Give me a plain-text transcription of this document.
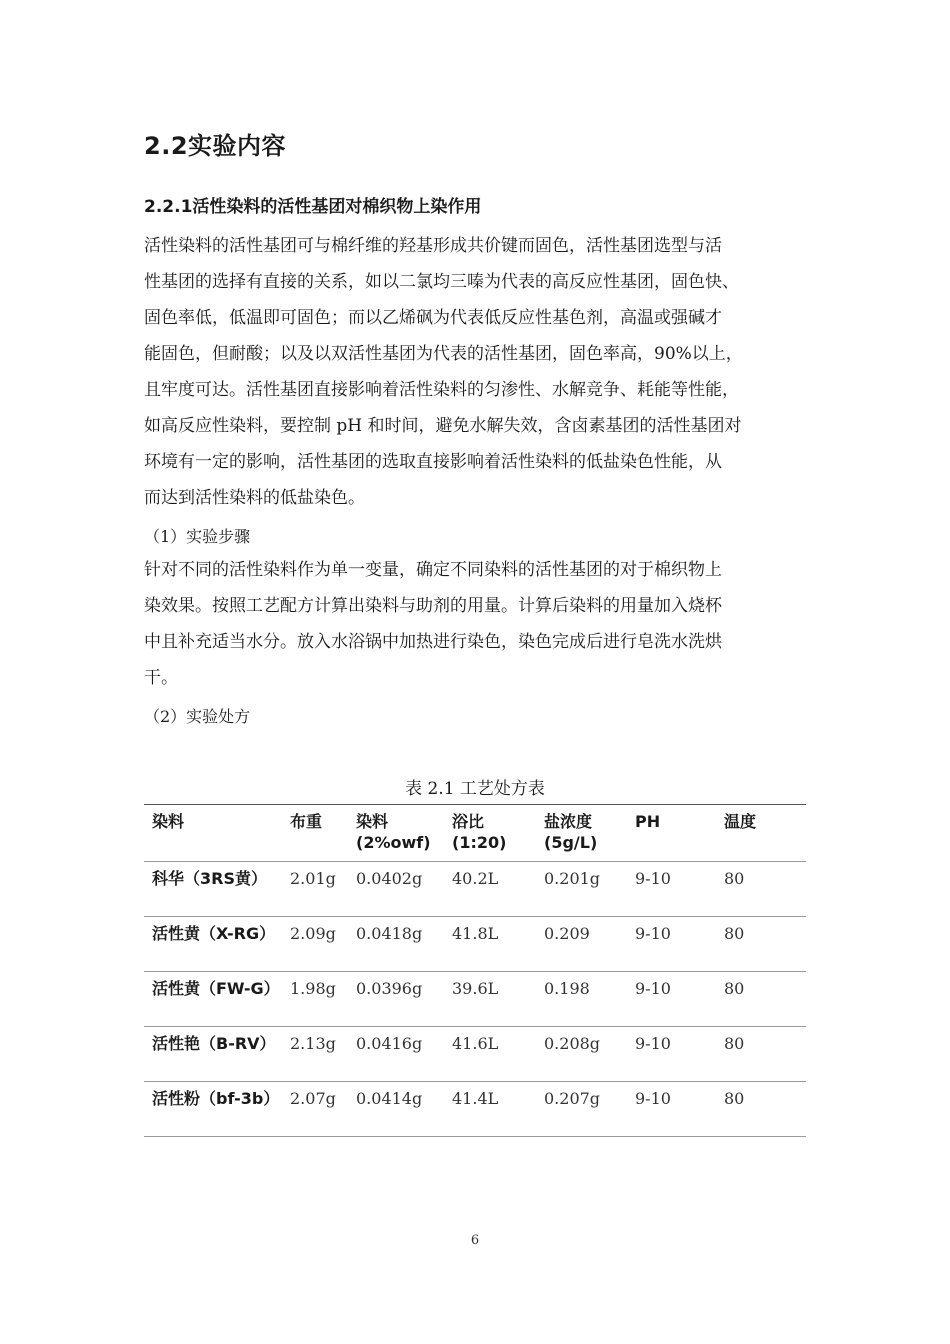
2.2实验内容
2.2.1活性染料的活性基团对棉织物上染作用
活性染料的活性基团可与棉纤维的羟基形成共价键而固色，活性基团选型与活
性基团的选择有直接的关系，如以二氯均三嗪为代表的高反应性基团，固色快、
固色率低，低温即可固色；而以乙烯砜为代表低反应性基色剂，高温或强碱才
能固色，但耐酸；以及以双活性基团为代表的活性基团，固色率高，90%以上，
且牢度可达。活性基团直接影响着活性染料的匀渗性、水解竞争、耗能等性能，
如高反应性染料，要控制 pH 和时间，避免水解失效，含卤素基团的活性基团对
环境有一定的影响，活性基团的选取直接影响着活性染料的低盐染色性能，从
而达到活性染料的低盐染色。
（1）实验步骤
针对不同的活性染料作为单一变量，确定不同染料的活性基团的对于棉织物上
染效果。按照工艺配方计算出染料与助剂的用量。计算后染料的用量加入烧杯
中且补充适当水分。放入水浴锅中加热进行染色，染色完成后进行皂洗水洗烘
干。
（2）实验处方
表 2.1 工艺处方表
染料	布重	染料(2%owf)	浴比(1:20)	盐浓度(5g/L)	PH	温度
科华（3RS黄）	2.01g	0.0402g	40.2L	0.201g	9-10	80
活性黄（X-RG）	2.09g	0.0418g	41.8L	0.209	9-10	80
活性黄（FW-G）	1.98g	0.0396g	39.6L	0.198	9-10	80
活性艳（B-RV）	2.13g	0.0416g	41.6L	0.208g	9-10	80
活性粉（bf-3b）	2.07g	0.0414g	41.4L	0.207g	9-10	80
6
